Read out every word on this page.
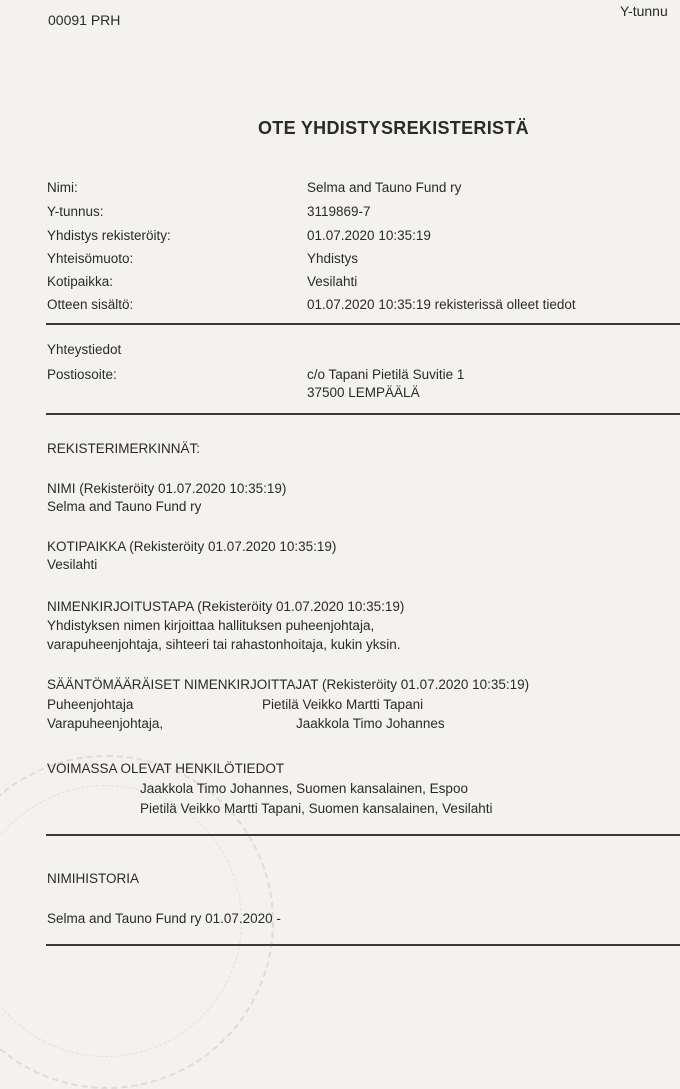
00091 PRH
Y-tunnu
OTE YHDISTYSREKISTERISTÄ
Nimi:	Selma and Tauno Fund ry
Y-tunnus:	3119869-7
Yhdistys rekisteröity:	01.07.2020 10:35:19
Yhteisömuoto:	Yhdistys
Kotipaikka:	Vesilahti
Otteen sisältö:	01.07.2020 10:35:19 rekisterissä olleet tiedot
Yhteystiedot
Postiosoite:	c/o Tapani Pietilä Suvitie 1
37500 LEMPÄÄLÄ
REKISTERIMERKINNÄT:
NIMI (Rekisteröity 01.07.2020 10:35:19)
Selma and Tauno Fund ry
KOTIPAIKKA (Rekisteröity 01.07.2020 10:35:19)
Vesilahti
NIMENKIRJOITUSTAPA (Rekisteröity 01.07.2020 10:35:19)
Yhdistyksen nimen kirjoittaa hallituksen puheenjohtaja,
varapuheenjohtaja, sihteeri tai rahastonhoitaja, kukin yksin.
SÄÄNTÖMÄÄRÄISET NIMENKIRJOITTAJAT (Rekisteröity 01.07.2020 10:35:19)
Puheenjohtaja	Pietilä Veikko Martti Tapani
Varapuheenjohtaja,	Jaakkola Timo Johannes
VOIMASSA OLEVAT HENKILÖTIEDOT
Jaakkola Timo Johannes, Suomen kansalainen, Espoo
Pietilä Veikko Martti Tapani, Suomen kansalainen, Vesilahti
NIMIHISTORIA
Selma and Tauno Fund ry 01.07.2020 -
